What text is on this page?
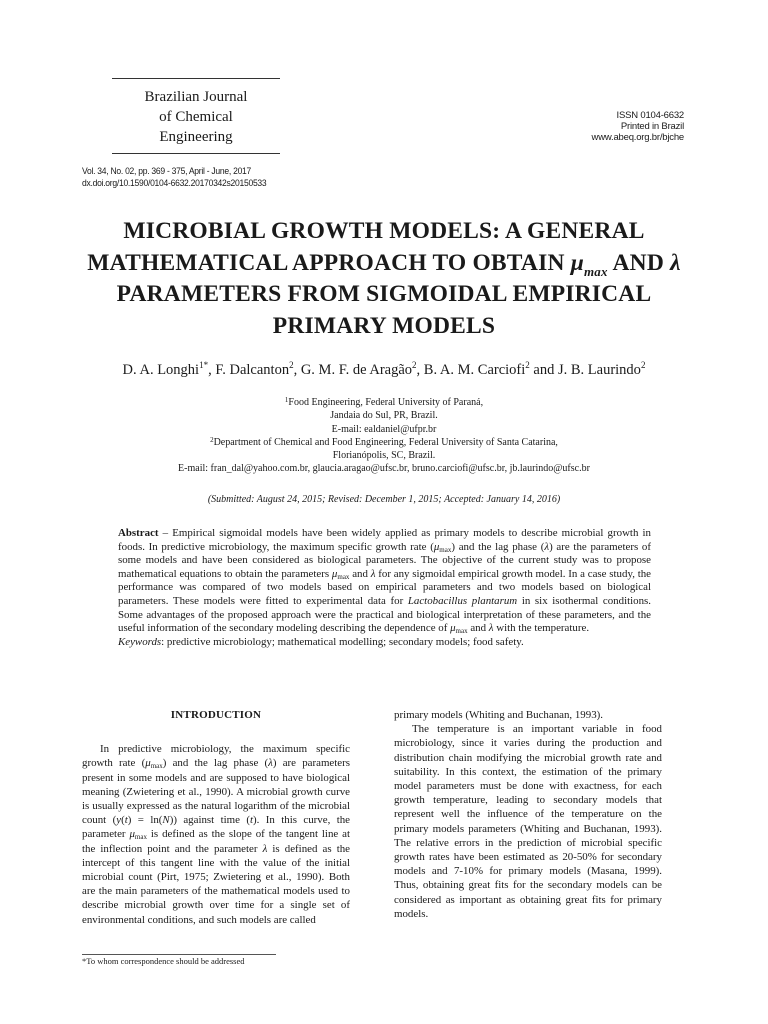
Brazilian Journal
of Chemical
Engineering
ISSN 0104-6632
Printed in Brazil
www.abeq.org.br/bjche
Vol. 34, No. 02, pp. 369 - 375, April - June, 2017
dx.doi.org/10.1590/0104-6632.20170342s20150533
MICROBIAL GROWTH MODELS: A GENERAL MATHEMATICAL APPROACH TO OBTAIN $\mu_{max}$ AND λ PARAMETERS FROM SIGMOIDAL EMPIRICAL PRIMARY MODELS
D. A. Longhi$^{1*}$, F. Dalcanton$^2$, G. M. F. de Aragão$^2$, B. A. M. Carciofi$^2$ and J. B. Laurindo$^2$
$^1$Food Engineering, Federal University of Paraná,
Jandaia do Sul, PR, Brazil.
E-mail: ealdaniel@ufpr.br
$^2$Department of Chemical and Food Engineering, Federal University of Santa Catarina,
Florianópolis, SC, Brazil.
E-mail: fran_dal@yahoo.com.br, glaucia.aragao@ufsc.br, bruno.carciofi@ufsc.br, jb.laurindo@ufsc.br
(Submitted: August 24, 2015; Revised: December 1, 2015; Accepted: January 14, 2016)

Abstract – Empirical sigmoidal models have been widely applied as primary models to describe microbial growth in foods. In predictive microbiology, the maximum specific growth rate $(\mu_{max})$ and the lag phase (λ) are the parameters of some models and have been considered as biological parameters. The objective of the current study was to propose mathematical equations to obtain the parameters $\mu_{max}$ and λ for any sigmoidal empirical growth model. In a case study, the performance was compared of two models based on empirical parameters and two models based on biological parameters. These models were fitted to experimental data for Lactobacillus plantarum in six isothermal conditions. Some advantages of the proposed approach were the practical and biological interpretation of these parameters, and the useful information of the secondary modeling describing the dependence of $\mu_{max}$ and λ with the temperature.

Keywords: predictive microbiology; mathematical modelling; secondary models; food safety.

INTRODUCTION

In predictive microbiology, the maximum specific growth rate $(\mu_{max})$ and the lag phase (λ) are parameters present in some models and are supposed to have biological meaning (Zwietering et al., 1990). A microbial growth curve is usually expressed as the natural logarithm of the microbial count (y(t) = ln(N)) against time (t). In this curve, the parameter $\mu_{max}$ is defined as the slope of the tangent line at the inflection point and the parameter λ is defined as the intercept of this tangent line with the value of the initial microbial count (Pirt, 1975; Zwietering et al., 1990). Both are the main parameters of the mathematical models used to describe microbial growth over time for a single set of environmental conditions, and such models are called

primary models (Whiting and Buchanan, 1993).

The temperature is an important variable in food microbiology, since it varies during the production and distribution chain modifying the microbial growth rate and suitability. In this context, the estimation of the primary model parameters must be done with exactness, for each growth temperature, leading to secondary models that represent well the influence of the temperature on the primary models parameters (Whiting and Buchanan, 1993). The relative errors in the prediction of microbial specific growth rates have been estimated as 20-50% for secondary models and 7-10% for primary models (Masana, 1999). Thus, obtaining great fits for the secondary models can be considered as important as obtaining great fits for primary models.

*To whom correspondence should be addressed
